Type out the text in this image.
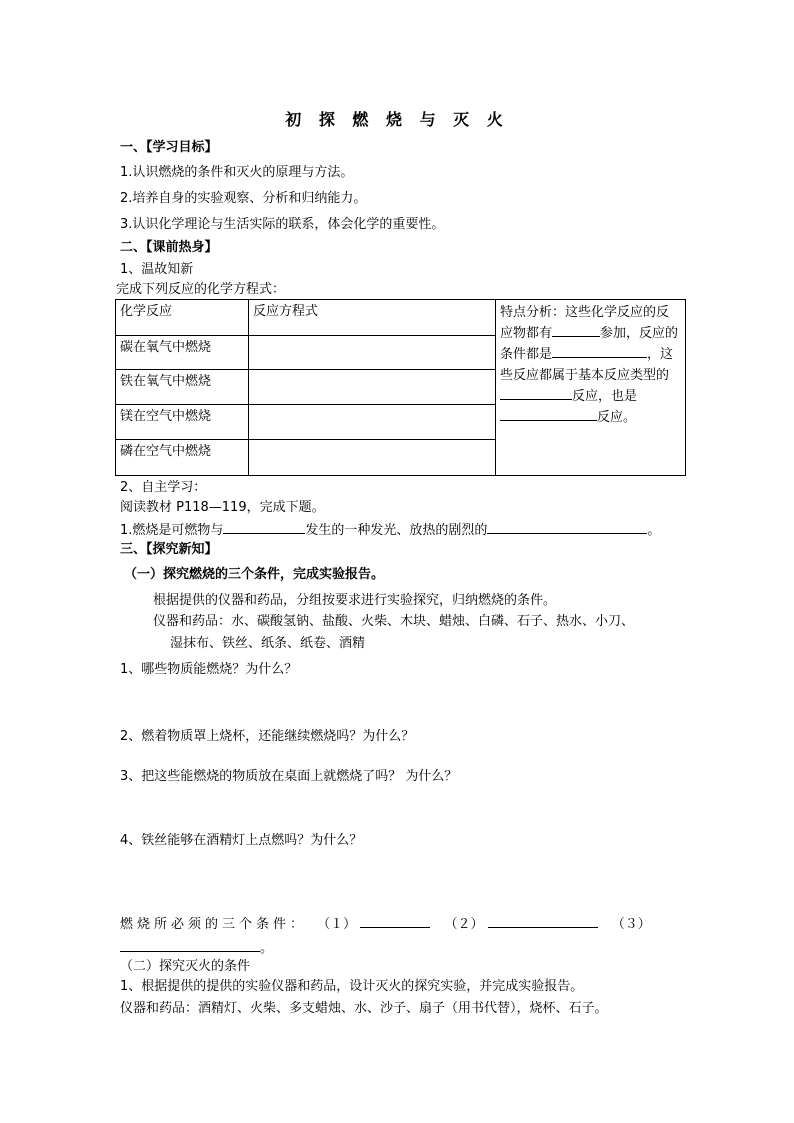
初 探 燃 烧 与 灭 火
一、【学习目标】
1.认识燃烧的条件和灭火的原理与方法。
2.培养自身的实验观察、分析和归纳能力。
3.认识化学理论与生活实际的联系，体会化学的重要性。
二、【课前热身】
1、温故知新
完成下列反应的化学方程式：
化学反应	反应方程式	特点分析：这些化学反应的反应物都有 参加，反应的条件都是 ，这些反应都属于基本反应类型的反应，也是反应。
碳在氧气中燃烧		
铁在氧气中燃烧		
镁在空气中燃烧		
磷在空气中燃烧		
2、自主学习：
阅读教材 P118—119，完成下题。
1.燃烧是可燃物与	发生的一种发光、放热的剧烈的	。
三、【探究新知】
（一）探究燃烧的三个条件，完成实验报告。
根据提供的仪器和药品，分组按要求进行实验探究，归纳燃烧的条件。
仪器和药品：水、碳酸氢钠、盐酸、火柴、木块、蜡烛、白磷、石子、热水、小刀、
湿抹布、铁丝、纸条、纸卷、酒精
1、哪些物质能燃烧？为什么？
2、燃着物质罩上烧杯，还能继续燃烧吗？为什么？
3、把这些能燃烧的物质放在桌面上就燃烧了吗？ 为什么？
4、铁丝能够在酒精灯上点燃吗？为什么？
燃烧所必须的三个条件： （１）	（２）	（３）
。
（二）探究灭火的条件
1、根据提供的提供的实验仪器和药品，设计灭火的探究实验，并完成实验报告。
仪器和药品：酒精灯、火柴、多支蜡烛、水、沙子、扇子（用书代替），烧杯、石子。
